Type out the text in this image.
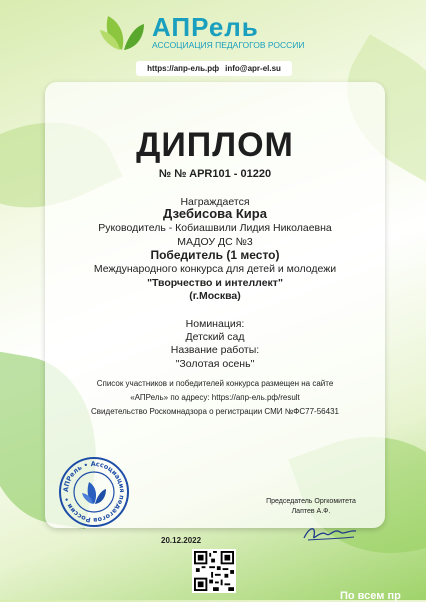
АПРель
АССОЦИАЦИЯ ПЕДАГОГОВ РОССИИ
https://апр-ель.рф info@apr-el.su
ДИПЛОМ
№ № APR101 - 01220
Награждается
Дзебисова Кира
Руководитель - Кобиашвили Лидия Николаевна
МАДОУ ДС №3
Победитель (1 место)
Международного конкурса для детей и молодежи
"Творчество и интеллект"
(г.Москва)
Номинация:
Детский сад
Название работы:
"Золотая осень"
Список участников и победителей конкурса размещен на сайте
«АПРель» по адресу: https://апр-ель.рф/result
Свидетельство Роскомнадзора о регистрации СМИ №ФС77-56431
АПРель • Ассоциация педагогов России •	Председатель Оргкомитета
Лаптев А.Ф.
20.12.2022
По всем пр
